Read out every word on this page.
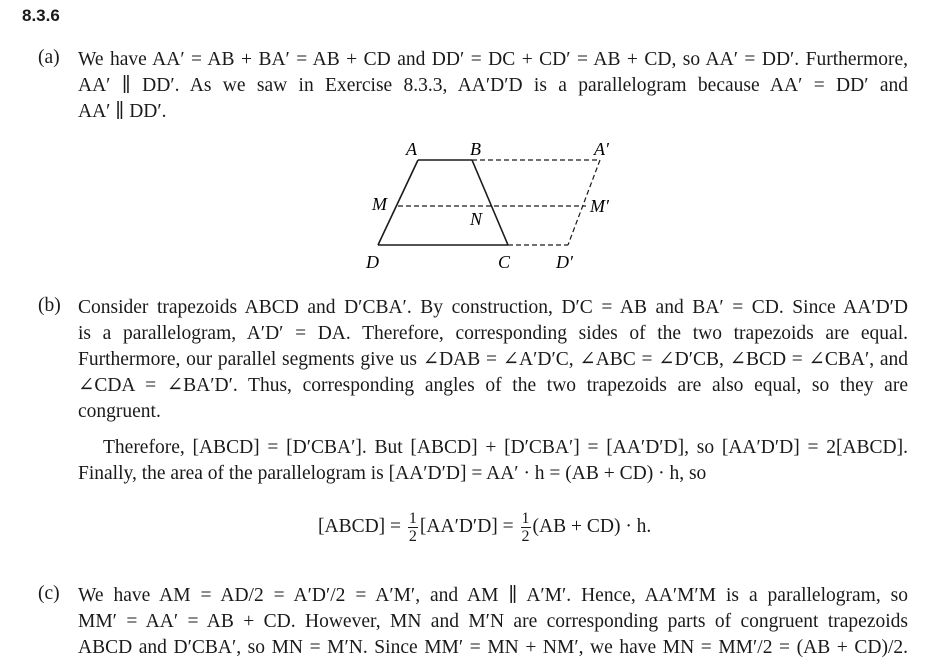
8.3.6
(a) We have AA′ = AB + BA′ = AB + CD and DD′ = DC + CD′ = AB + CD, so AA′ = DD′. Furthermore,
AA′ ∥ DD′. As we saw in Exercise 8.3.3, AA′D′D is a parallelogram because AA′ = DD′ and
AA′ ∥ DD′.
A	B	A′
M
N
M′
D	C	D′
(b) Consider trapezoids ABCD and D′CBA′. By construction, D′C = AB and BA′ = CD. Since AA′D′D
is a parallelogram, A′D′ = DA. Therefore, corresponding sides of the two trapezoids are equal.
Furthermore, our parallel segments give us ∠DAB = ∠A′D′C, ∠ABC = ∠D′CB, ∠BCD = ∠CBA′, and
∠CDA = ∠BA′D′. Thus, corresponding angles of the two trapezoids are also equal, so they are
congruent.
Therefore, [ABCD] = [D′CBA′]. But [ABCD] + [D′CBA′] = [AA′D′D], so [AA′D′D] = 2[ABCD].
Finally, the area of the parallelogram is [AA′D′D] = AA′ · h = (AB + CD) · h, so
[ABCD] = $\frac{1}{2} [AA'D'D] = \frac{1}{2} (AB + CD) \cdot h$.
(c) We have AM = AD/2 = A′D′/2 = A′M′, and AM ∥ A′M′. Hence, AA′M′M is a parallelogram, so
MM′ = AA′ = AB + CD. However, MN and M′N are corresponding parts of congruent trapezoids
ABCD and D′CBA′, so MN = M′N. Since MM′ = MN + NM′, we have MN = MM′/2 = (AB + CD)/2.
